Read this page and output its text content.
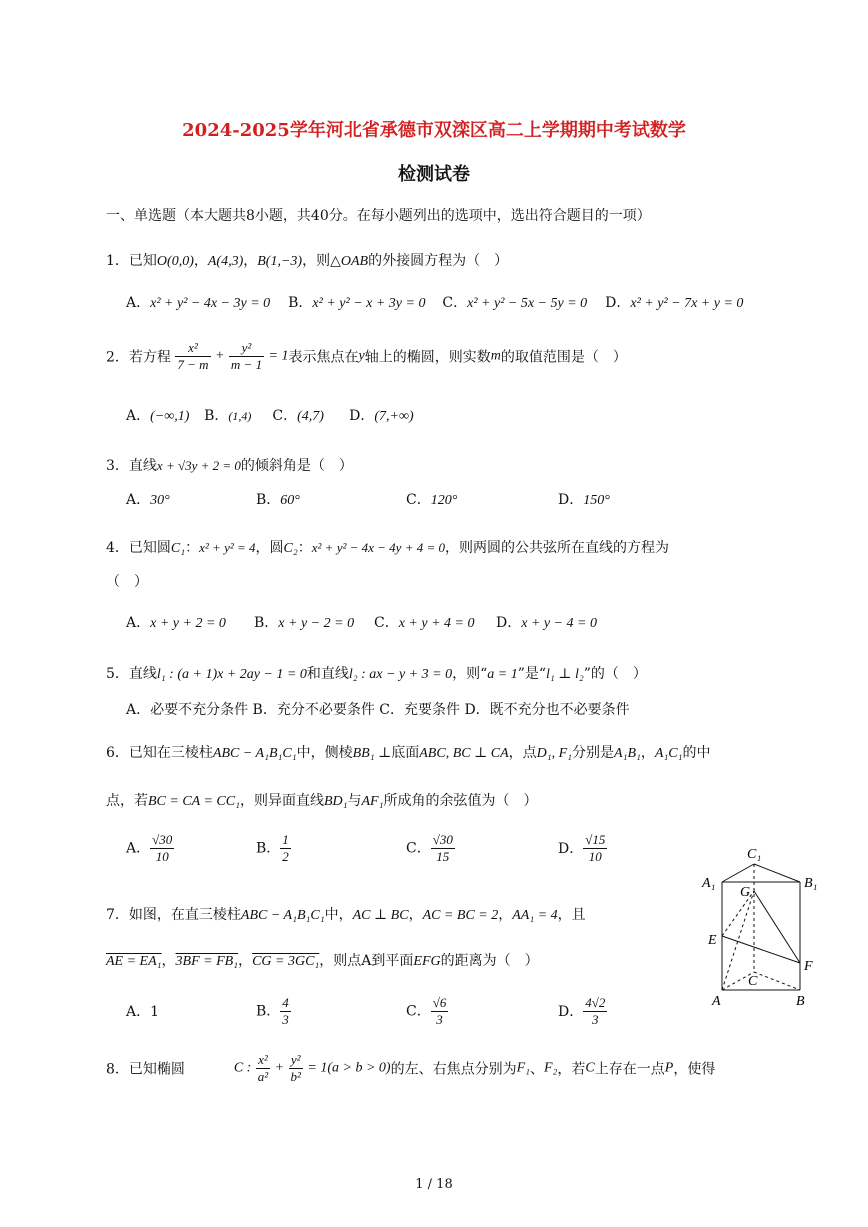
2024-2025学年河北省承德市双滦区高二上学期期中考试数学
检测试卷
一、单选题（本大题共8小题，共40分。在每小题列出的选项中，选出符合题目的一项）
1．已知O(0,0)，A(4,3)，B(1,−3)，则△OAB的外接圆方程为（　）
A．x² + y² − 4x − 3y = 0 B．x² + y² − x + 3y = 0 C．x² + y² − 5x − 5y = 0 D．x² + y² − 7x + y = 0
2．若方程 $\frac{\text{x²}}{7 - m} + \frac{\text{y²}}{m - 1} = 1$表示焦点在y轴上的椭圆，则实数m的取值范围是（　）
A．(−∞,1) B．(1,4) C．(4,7) D．(7,+∞)
3．直线x + √3y + 2 = 0的倾斜角是（　）
A．30°	B．60°	C．120°	D．150°
4．已知圆C₁：x² + y² = 4，圆C₂：x² + y² − 4x − 4y + 4 = 0，则两圆的公共弦所在直线的方程为
（　）
A．x + y + 2 = 0 B．x + y − 2 = 0 C．x + y + 4 = 0 D．x + y − 4 = 0
5．直线l₁ : (a + 1)x + 2ay − 1 = 0和直线l₂ : ax − y + 3 = 0，则“a = 1”是“l₁ ⊥ l₂”的（　）
A．必要不充分条件 B．充分不必要条件 C．充要条件 D．既不充分也不必要条件
6．已知在三棱柱ABC − A₁B₁C₁中，侧棱BB₁ ⊥底面ABC, BC ⊥ CA，点D₁, F₁分别是A₁B₁，A₁C₁的中
点，若BC = CA = CC₁，则异面直线BD₁与AF₁所成角的余弦值为（　）
A． $\frac{√30}{10}$	B． $\frac{1}{2}$	C． $\frac{√30}{15}$	D． $\frac{√15}{10}$
7．如图，在直三棱柱ABC − A₁B₁C₁中，AC ⊥ BC，AC = BC = 2，AA₁ = 4，且
AE = EA₁，3BF = FB₁，CG = 3GC₁，则点A到平面EFG的距离为（　）
A．1	B． $\frac{4}{3}$	C． $\frac{√6}{3}$	D． $\frac{4√2}{3}$
8．已知椭圆	C : $\frac{\text{x²}}{\text{a²}} + \frac{\text{y²}}{\text{b²}} = 1(a > b > 0)$的左、右焦点分别为F₁、F₂，若C上存在一点P，使得
C₁
A₁	B₁
G
E
F
C
A	B
1 / 18
